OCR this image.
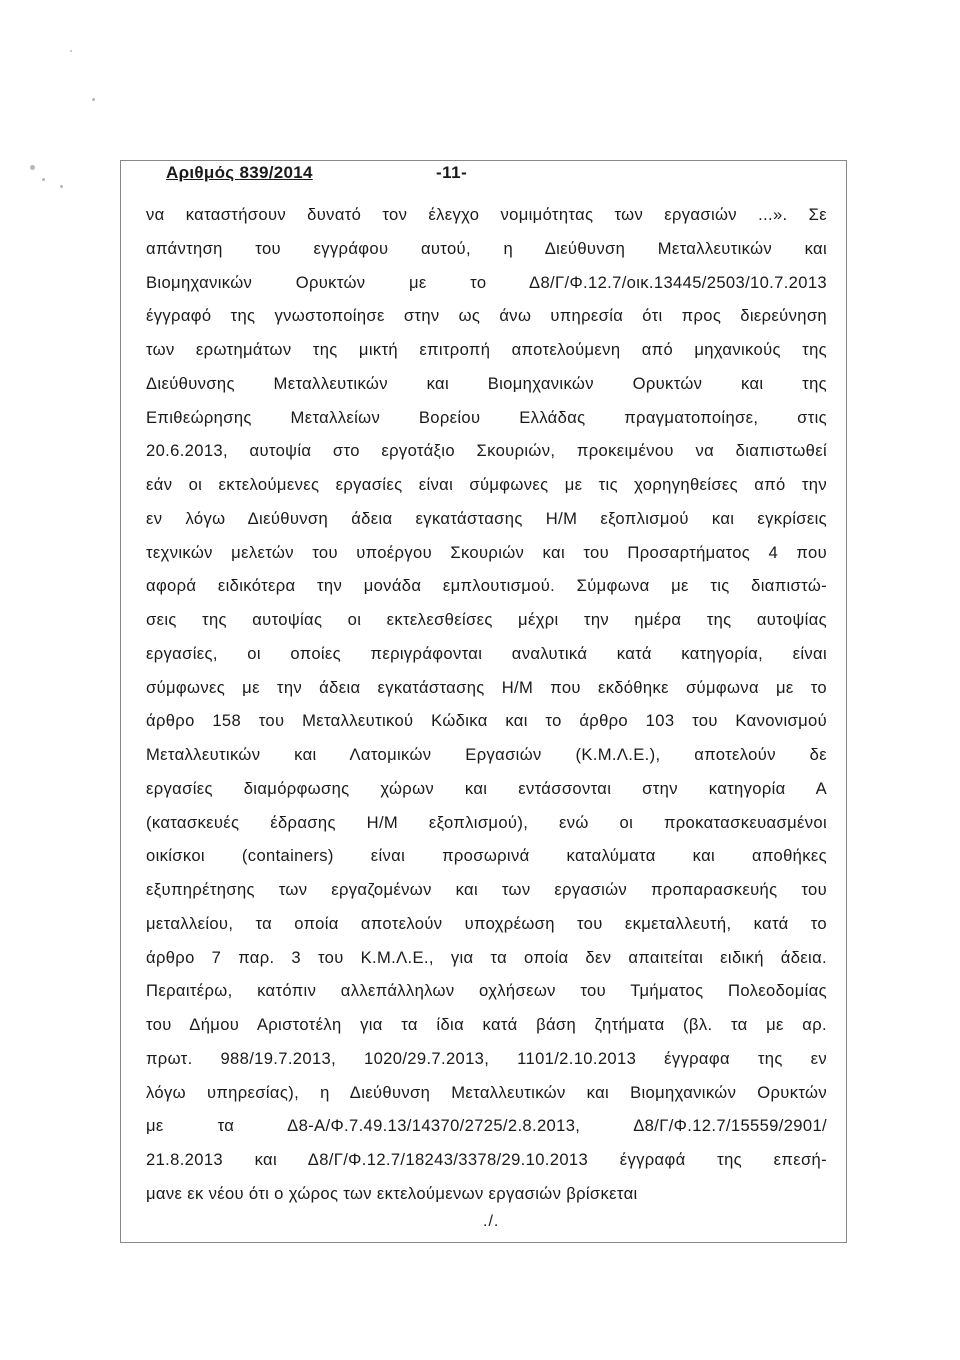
Αριθμός 839/2014	-11-
να καταστήσουν δυνατό τον έλεγχο νομιμότητας των εργασιών ...». Σε
απάντηση του εγγράφου αυτού, η Διεύθυνση Μεταλλευτικών και
Βιομηχανικών Ορυκτών με το Δ8/Γ/Φ.12.7/οικ.13445/2503/10.7.2013
έγγραφό της γνωστοποίησε στην ως άνω υπηρεσία ότι προς διερεύνηση
των ερωτημάτων της μικτή επιτροπή αποτελούμενη από μηχανικούς της
Διεύθυνσης Μεταλλευτικών και Βιομηχανικών Ορυκτών και της
Επιθεώρησης Μεταλλείων Βορείου Ελλάδας πραγματοποίησε, στις
20.6.2013, αυτοψία στο εργοτάξιο Σκουριών, προκειμένου να διαπιστωθεί
εάν οι εκτελούμενες εργασίες είναι σύμφωνες με τις χορηγηθείσες από την
εν λόγω Διεύθυνση άδεια εγκατάστασης Η/Μ εξοπλισμού και εγκρίσεις
τεχνικών μελετών του υποέργου Σκουριών και του Προσαρτήματος 4 που
αφορά ειδικότερα την μονάδα εμπλουτισμού. Σύμφωνα με τις διαπιστώ-
σεις της αυτοψίας οι εκτελεσθείσες μέχρι την ημέρα της αυτοψίας
εργασίες, οι οποίες περιγράφονται αναλυτικά κατά κατηγορία, είναι
σύμφωνες με την άδεια εγκατάστασης Η/Μ που εκδόθηκε σύμφωνα με το
άρθρο 158 του Μεταλλευτικού Κώδικα και το άρθρο 103 του Κανονισμού
Μεταλλευτικών και Λατομικών Εργασιών (Κ.Μ.Λ.Ε.), αποτελούν δε
εργασίες διαμόρφωσης χώρων και εντάσσονται στην κατηγορία Α
(κατασκευές έδρασης Η/Μ εξοπλισμού), ενώ οι προκατασκευασμένοι
οικίσκοι (containers) είναι προσωρινά καταλύματα και αποθήκες
εξυπηρέτησης των εργαζομένων και των εργασιών προπαρασκευής του
μεταλλείου, τα οποία αποτελούν υποχρέωση του εκμεταλλευτή, κατά το
άρθρο 7 παρ. 3 του Κ.Μ.Λ.Ε., για τα οποία δεν απαιτείται ειδική άδεια.
Περαιτέρω, κατόπιν αλλεπάλληλων οχλήσεων του Τμήματος Πολεοδομίας
του Δήμου Αριστοτέλη για τα ίδια κατά βάση ζητήματα (βλ. τα με αρ.
πρωτ. 988/19.7.2013, 1020/29.7.2013, 1101/2.10.2013 έγγραφα της εν
λόγω υπηρεσίας), η Διεύθυνση Μεταλλευτικών και Βιομηχανικών Ορυκτών
με τα Δ8-Α/Φ.7.49.13/14370/2725/2.8.2013, Δ8/Γ/Φ.12.7/15559/2901/
21.8.2013 και Δ8/Γ/Φ.12.7/18243/3378/29.10.2013 έγγραφά της επεσή-
μανε εκ νέου ότι ο χώρος των εκτελούμενων εργασιών βρίσκεται
./.
